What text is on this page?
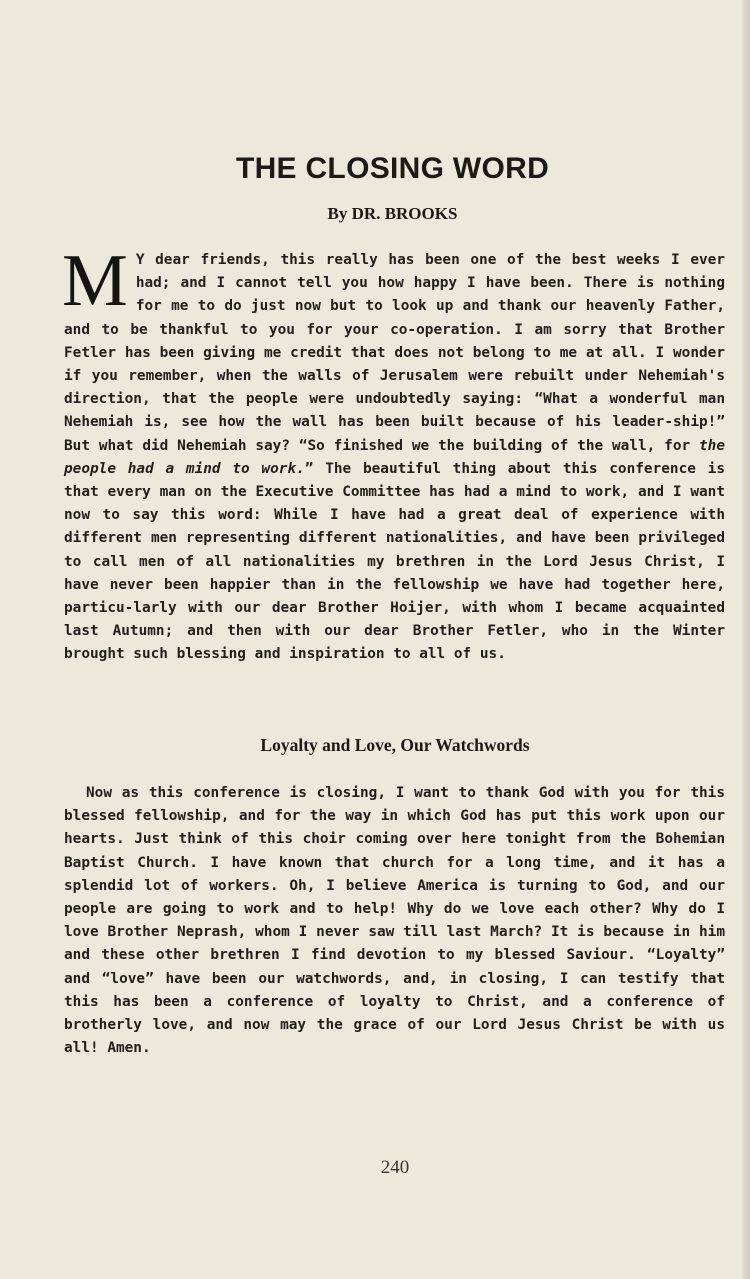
THE CLOSING WORD

By DR. BROOKS

M Y dear friends, this really has been one of the best weeks I ever had; and I cannot tell you how happy I have been. There is nothing for me to do just now but to look up and thank our heavenly Father, and to be thankful to you for your co-operation. I am sorry that Brother Fetler has been giving me credit that does not belong to me at all. I wonder if you remember, when the walls of Jerusalem were rebuilt under Nehemiah's direction, that the people were undoubtedly saying: “What a wonderful man Nehemiah is, see how the wall has been built because of his leader-ship!” But what did Nehemiah say? “So finished we the building of the wall, for the people had a mind to work.” The beautiful thing about this conference is that every man on the Executive Committee has had a mind to work, and I want now to say this word: While I have had a great deal of experience with different men representing different nationalities, and have been privileged to call men of all nationalities my brethren in the Lord Jesus Christ, I have never been happier than in the fellowship we have had together here, particu-larly with our dear Brother Hoijer, with whom I became acquainted last Autumn; and then with our dear Brother Fetler, who in the Winter brought such blessing and inspiration to all of us.

Loyalty and Love, Our Watchwords

Now as this conference is closing, I want to thank God with you for this blessed fellowship, and for the way in which God has put this work upon our hearts. Just think of this choir coming over here tonight from the Bohemian Baptist Church. I have known that church for a long time, and it has a splendid lot of workers. Oh, I believe America is turning to God, and our people are going to work and to help! Why do we love each other? Why do I love Brother Neprash, whom I never saw till last March? It is because in him and these other brethren I find devotion to my blessed Saviour. “Loyalty” and “love” have been our watchwords, and, in closing, I can testify that this has been a conference of loyalty to Christ, and a conference of brotherly love, and now may the grace of our Lord Jesus Christ be with us all! Amen.

240
